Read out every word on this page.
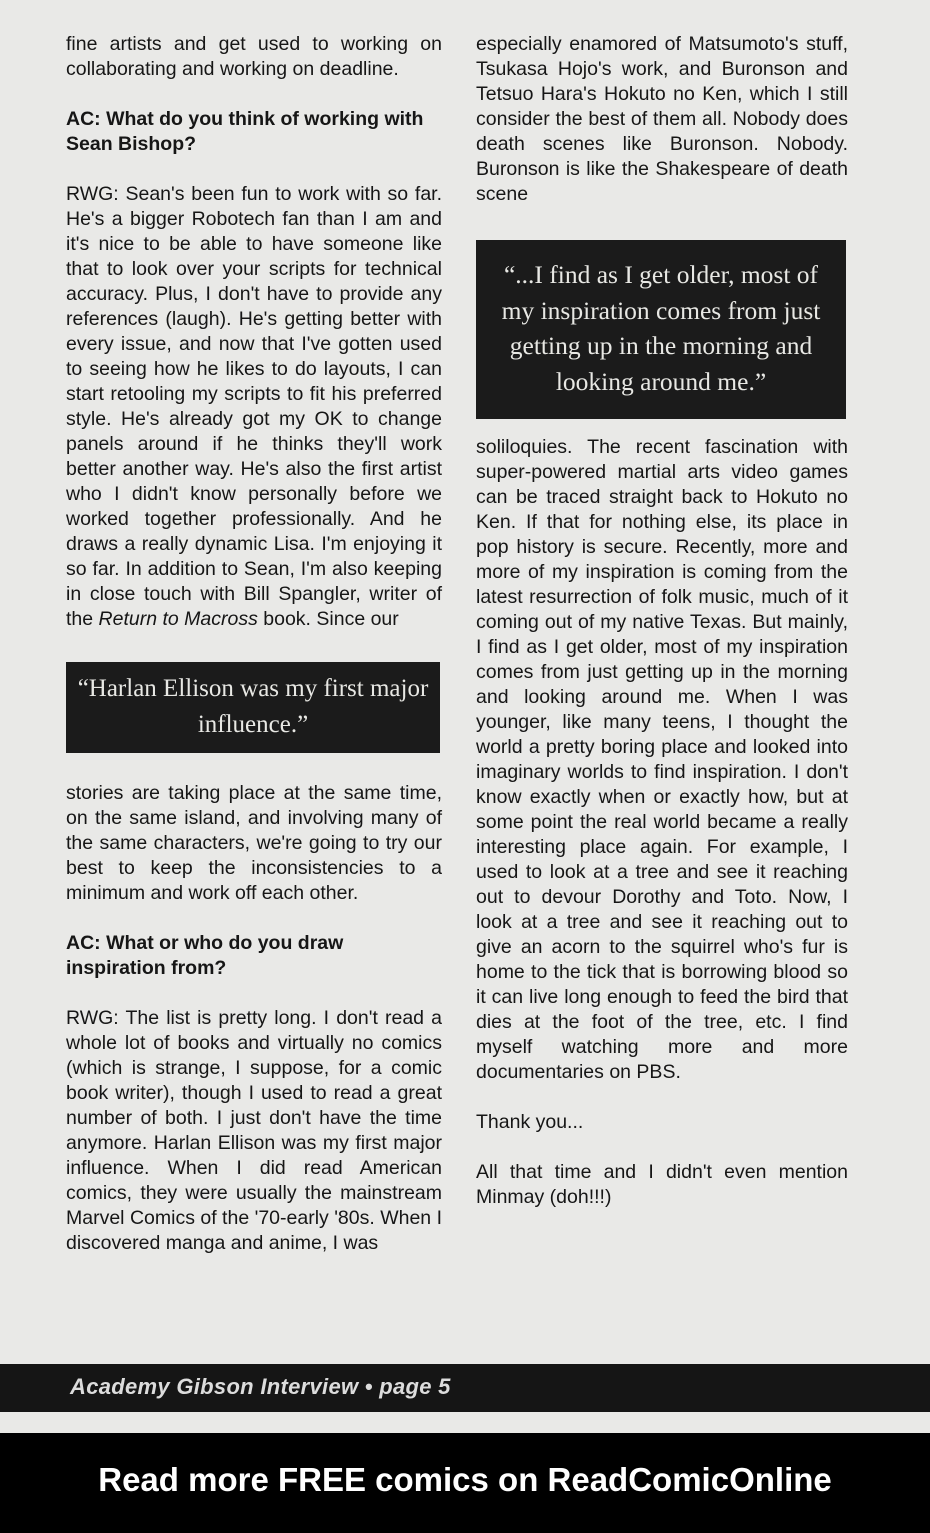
fine artists and get used to working on collaborating and working on deadline.

AC: What do you think of working with Sean Bishop?

RWG: Sean's been fun to work with so far. He's a bigger Robotech fan than I am and it's nice to be able to have someone like that to look over your scripts for technical accuracy. Plus, I don't have to provide any references (laugh). He's getting better with every issue, and now that I've gotten used to seeing how he likes to do layouts, I can start retooling my scripts to fit his preferred style. He's already got my OK to change panels around if he thinks they'll work better another way. He's also the first artist who I didn't know personally before we worked together professionally. And he draws a really dynamic Lisa. I'm enjoying it so far. In addition to Sean, I'm also keeping in close touch with Bill Spangler, writer of the Return to Macross book. Since our

“Harlan Ellison was my first major influence.”

stories are taking place at the same time, on the same island, and involving many of the same characters, we're going to try our best to keep the inconsistencies to a minimum and work off each other.

AC: What or who do you draw inspiration from?

RWG: The list is pretty long. I don't read a whole lot of books and virtually no comics (which is strange, I suppose, for a comic book writer), though I used to read a great number of both. I just don't have the time anymore. Harlan Ellison was my first major influence. When I did read American comics, they were usually the mainstream Marvel Comics of the '70-early '80s. When I discovered manga and anime, I was

especially enamored of Matsumoto's stuff, Tsukasa Hojo's work, and Buronson and Tetsuo Hara's Hokuto no Ken, which I still consider the best of them all. Nobody does death scenes like Buronson. Nobody. Buronson is like the Shakespeare of death scene

“...I find as I get older, most of my inspiration comes from just getting up in the morning and looking around me.”

soliloquies. The recent fascination with super-powered martial arts video games can be traced straight back to Hokuto no Ken. If that for nothing else, its place in pop history is secure. Recently, more and more of my inspiration is coming from the latest resurrection of folk music, much of it coming out of my native Texas. But mainly, I find as I get older, most of my inspiration comes from just getting up in the morning and looking around me. When I was younger, like many teens, I thought the world a pretty boring place and looked into imaginary worlds to find inspiration. I don't know exactly when or exactly how, but at some point the real world became a really interesting place again. For example, I used to look at a tree and see it reaching out to devour Dorothy and Toto. Now, I look at a tree and see it reaching out to give an acorn to the squirrel who's fur is home to the tick that is borrowing blood so it can live long enough to feed the bird that dies at the foot of the tree, etc. I find myself watching more and more documentaries on PBS.

Thank you...

All that time and I didn't even mention Minmay (doh!!!)

Academy Gibson Interview • page 5
Read more FREE comics on ReadComicOnline
